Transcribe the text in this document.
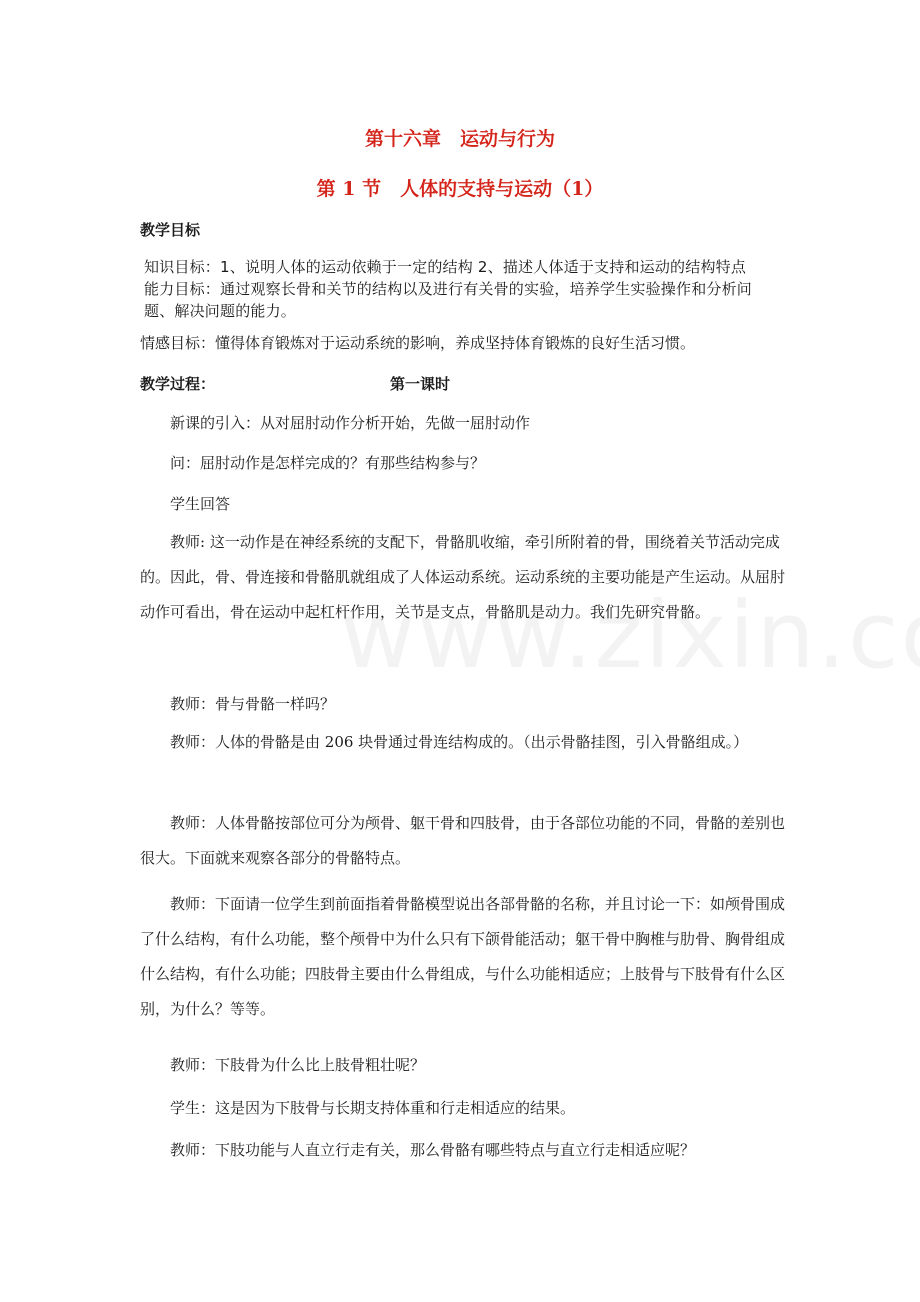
第十六章　运动与行为
第 1 节　人体的支持与运动（1）
教学目标
知识目标：1、说明人体的运动依赖于一定的结构 2、描述人体适于支持和运动的结构特点
能力目标：通过观察长骨和关节的结构以及进行有关骨的实验，培养学生实验操作和分析问
题、解决问题的能力。
情感目标：懂得体育锻炼对于运动系统的影响，养成坚持体育锻炼的良好生活习惯。
教学过程：	第一课时
新课的引入：从对屈肘动作分析开始，先做一屈肘动作
问：屈肘动作是怎样完成的？有那些结构参与？
学生回答

教师: 这一动作是在神经系统的支配下，骨骼肌收缩，牵引所附着的骨，围绕着关节活动完成的。因此，骨、骨连接和骨骼肌就组成了人体运动系统。运动系统的主要功能是产生运动。从屈肘动作可看出，骨在运动中起杠杆作用，关节是支点，骨骼肌是动力。我们先研究骨骼。

教师：骨与骨骼一样吗？

教师：人体的骨骼是由 206 块骨通过骨连结构成的。（出示骨骼挂图，引入骨骼组成。）

教师：人体骨骼按部位可分为颅骨、躯干骨和四肢骨，由于各部位功能的不同，骨骼的差别也很大。下面就来观察各部分的骨骼特点。

教师：下面请一位学生到前面指着骨骼模型说出各部骨骼的名称，并且讨论一下：如颅骨围成了什么结构，有什么功能，整个颅骨中为什么只有下颌骨能活动；躯干骨中胸椎与肋骨、胸骨组成什么结构，有什么功能；四肢骨主要由什么骨组成，与什么功能相适应；上肢骨与下肢骨有什么区别，为什么？等等。

教师：下肢骨为什么比上肢骨粗壮呢？
学生：这是因为下肢骨与长期支持体重和行走相适应的结果。
教师：下肢功能与人直立行走有关，那么骨骼有哪些特点与直立行走相适应呢？
